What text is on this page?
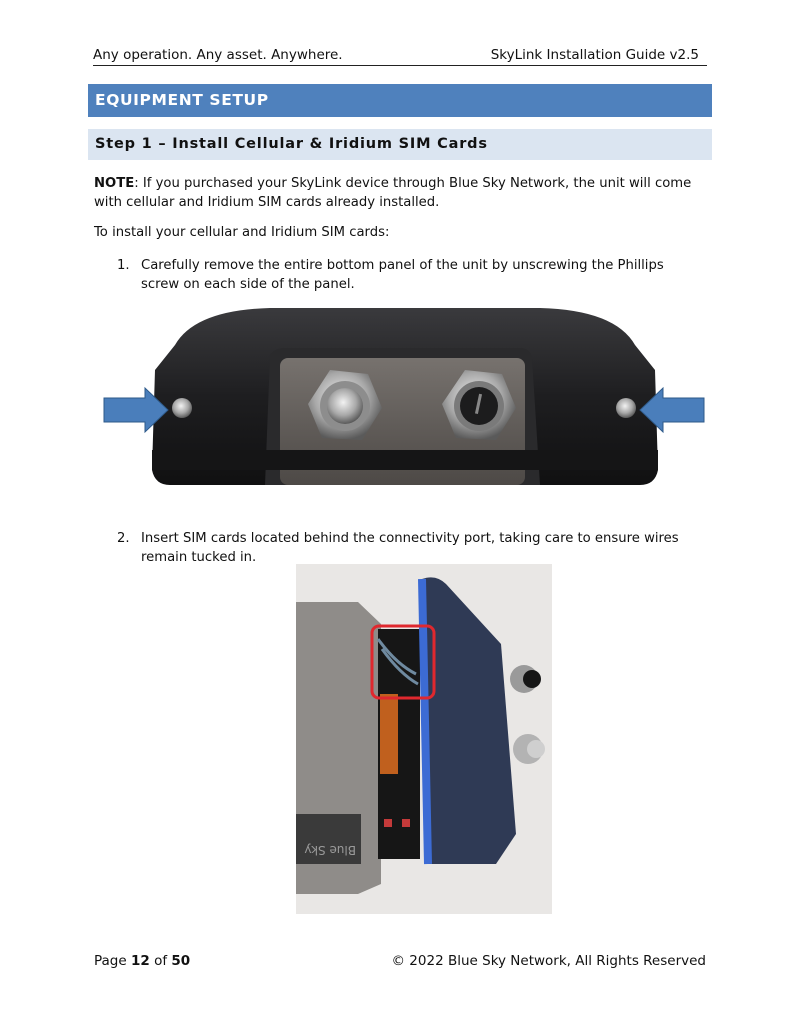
Any operation. Any asset. Anywhere.	SkyLink Installation Guide v2.5
EQUIPMENT SETUP
Step 1 – Install Cellular & Iridium SIM Cards
NOTE: If you purchased your SkyLink device through Blue Sky Network, the unit will come with cellular and Iridium SIM cards already installed.
To install your cellular and Iridium SIM cards:
1. Carefully remove the entire bottom panel of the unit by unscrewing the Phillips screw on each side of the panel.
2. Insert SIM cards located behind the connectivity port, taking care to ensure wires remain tucked in.
Blue Sky
Page 12 of 50	© 2022 Blue Sky Network, All Rights Reserved
